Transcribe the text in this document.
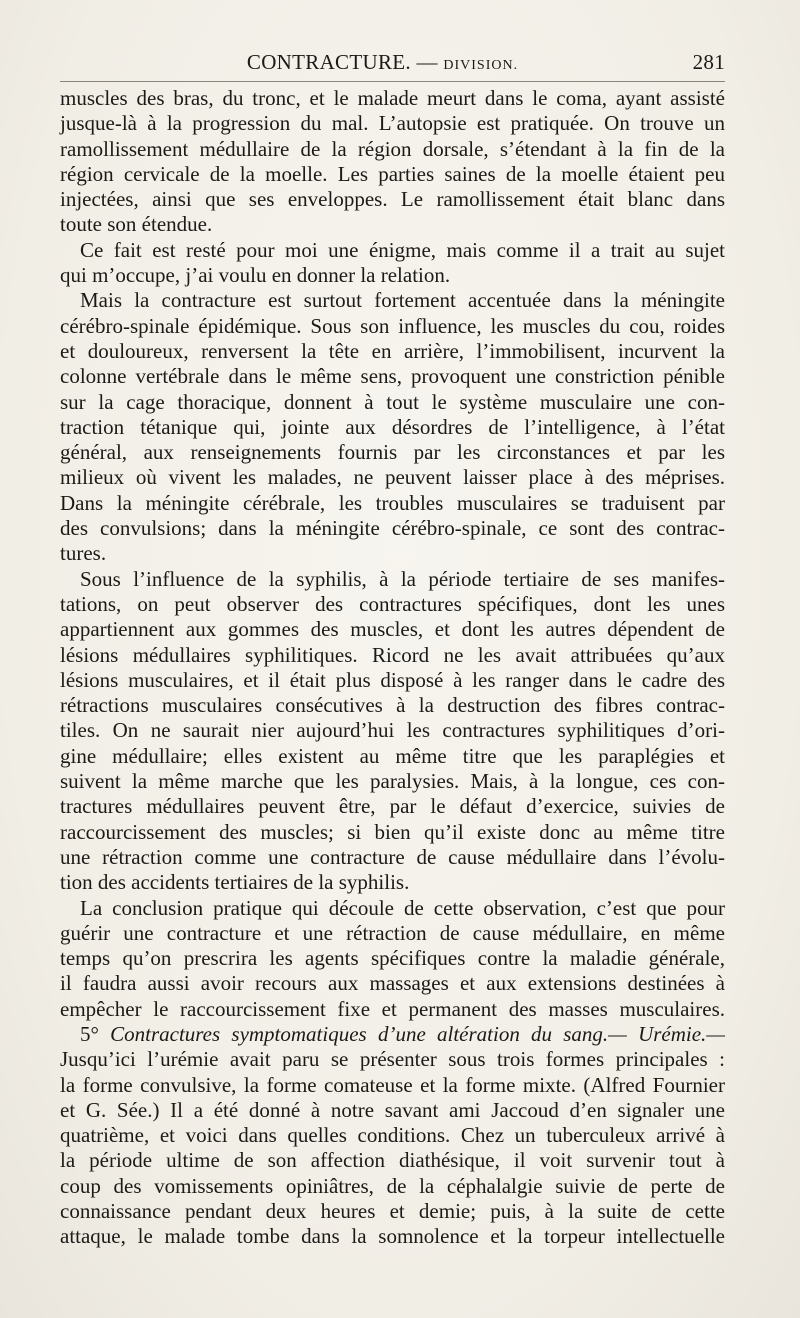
CONTRACTURE. — DIVISION.	281
muscles des bras, du tronc, et le malade meurt dans le coma, ayant assisté
jusque-là à la progression du mal. L’autopsie est pratiquée. On trouve un
ramollissement médullaire de la région dorsale, s’étendant à la fin de la
région cervicale de la moelle. Les parties saines de la moelle étaient peu
injectées, ainsi que ses enveloppes. Le ramollissement était blanc dans
toute son étendue.
Ce fait est resté pour moi une énigme, mais comme il a trait au sujet
qui m’occupe, j’ai voulu en donner la relation.
Mais la contracture est surtout fortement accentuée dans la méningite
cérébro-spinale épidémique. Sous son influence, les muscles du cou, roides
et douloureux, renversent la tête en arrière, l’immobilisent, incurvent la
colonne vertébrale dans le même sens, provoquent une constriction pénible
sur la cage thoracique, donnent à tout le système musculaire une con-
traction tétanique qui, jointe aux désordres de l’intelligence, à l’état
général, aux renseignements fournis par les circonstances et par les
milieux où vivent les malades, ne peuvent laisser place à des méprises.
Dans la méningite cérébrale, les troubles musculaires se traduisent par
des convulsions; dans la méningite cérébro-spinale, ce sont des contrac-
tures.
Sous l’influence de la syphilis, à la période tertiaire de ses manifes-
tations, on peut observer des contractures spécifiques, dont les unes
appartiennent aux gommes des muscles, et dont les autres dépendent de
lésions médullaires syphilitiques. Ricord ne les avait attribuées qu’aux
lésions musculaires, et il était plus disposé à les ranger dans le cadre des
rétractions musculaires consécutives à la destruction des fibres contrac-
tiles. On ne saurait nier aujourd’hui les contractures syphilitiques d’ori-
gine médullaire; elles existent au même titre que les paraplégies et
suivent la même marche que les paralysies. Mais, à la longue, ces con-
tractures médullaires peuvent être, par le défaut d’exercice, suivies de
raccourcissement des muscles; si bien qu’il existe donc au même titre
une rétraction comme une contracture de cause médullaire dans l’évolu-
tion des accidents tertiaires de la syphilis.
La conclusion pratique qui découle de cette observation, c’est que pour
guérir une contracture et une rétraction de cause médullaire, en même
temps qu’on prescrira les agents spécifiques contre la maladie générale,
il faudra aussi avoir recours aux massages et aux extensions destinées à
empêcher le raccourcissement fixe et permanent des masses musculaires.
5° Contractures symptomatiques d’une altération du sang.— Urémie.—
Jusqu’ici l’urémie avait paru se présenter sous trois formes principales :
la forme convulsive, la forme comateuse et la forme mixte. (Alfred Fournier
et G. Sée.) Il a été donné à notre savant ami Jaccoud d’en signaler une
quatrième, et voici dans quelles conditions. Chez un tuberculeux arrivé à
la période ultime de son affection diathésique, il voit survenir tout à
coup des vomissements opiniâtres, de la céphalalgie suivie de perte de
connaissance pendant deux heures et demie; puis, à la suite de cette
attaque, le malade tombe dans la somnolence et la torpeur intellectuelle
